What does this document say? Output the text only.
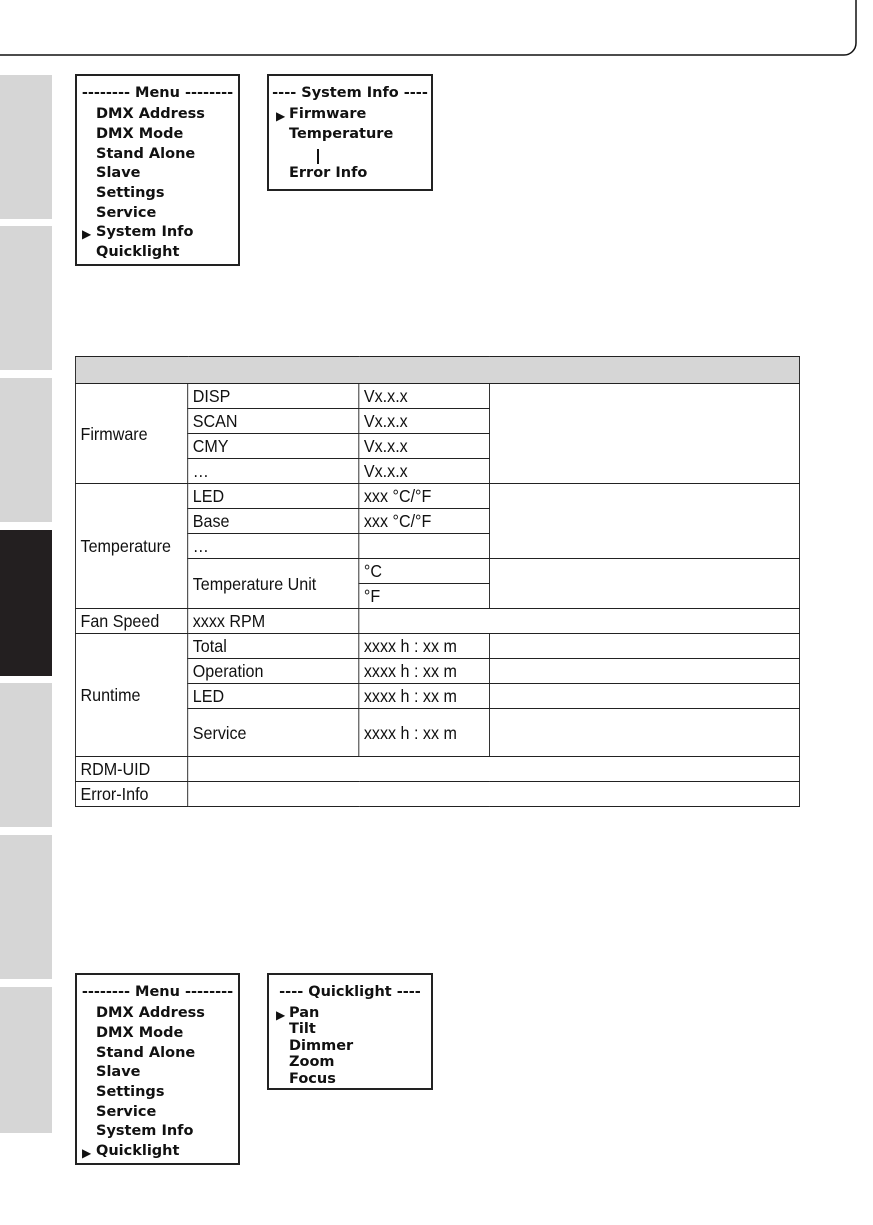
-------- Menu --------
DMX Address
DMX Mode
Stand Alone
Slave
Settings
Service
▶ System Info
Quicklight
---- System Info ----
▶ Firmware
Temperature
Error Info

Firmware	DISP	Vx.x.x	
	SCAN	Vx.x.x	
	CMY	Vx.x.x	
	…	Vx.x.x	
Temperature	LED	xxx °C/°F	
	Base	xxx °C/°F	
	…		
	Temperature Unit	°C	
		°F	
Fan Speed	xxxx RPM		
Runtime	Total	xxxx h : xx m	
	Operation	xxxx h : xx m	
	LED	xxxx h : xx m	
	Service	xxxx h : xx m	
RDM-UID			
Error-Info			
-------- Menu --------
DMX Address
DMX Mode
Stand Alone
Slave
Settings
Service
System Info
▶ Quicklight
---- Quicklight ----
▶ Pan
Tilt
Dimmer
Zoom
Focus
